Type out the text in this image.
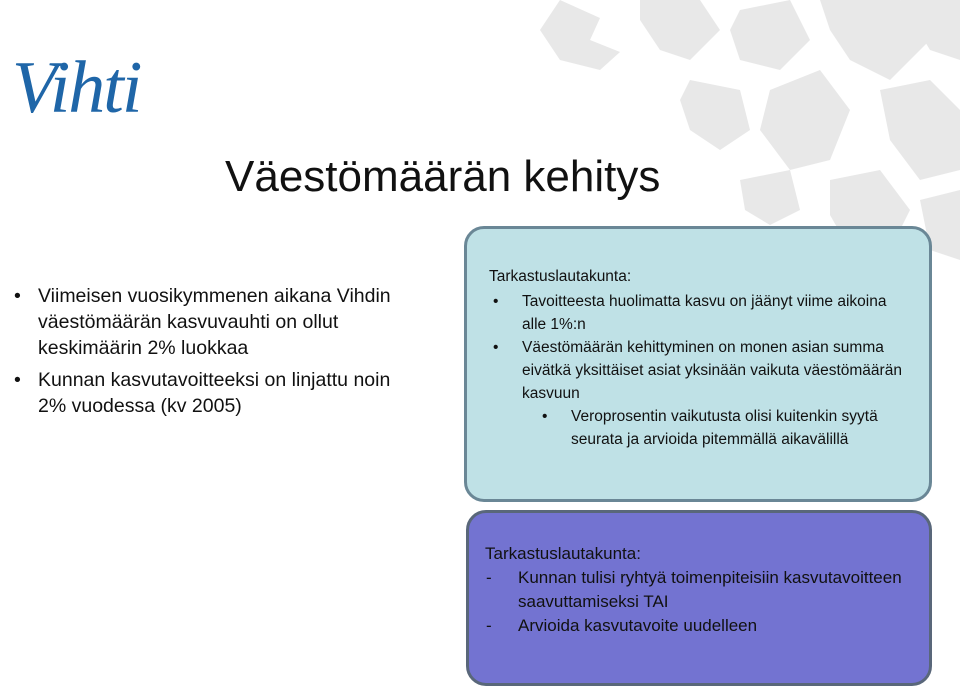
Vihti
Väestömäärän kehitys
• Viimeisen vuosikymmenen aikana Vihdin väestömäärän kasvuvauhti on ollut keskimäärin 2% luokkaa
• Kunnan kasvutavoitteeksi on linjattu noin 2% vuodessa (kv 2005)
Tarkastuslautakunta:
• Tavoitteesta huolimatta kasvu on jäänyt viime aikoina alle 1%:n
• Väestömäärän kehittyminen on monen asian summa eivätkä yksittäiset asiat yksinään vaikuta väestömäärän kasvuun
• Veroprosentin vaikutusta olisi kuitenkin syytä seurata ja arvioida pitemmällä aikavälillä
Tarkastuslautakunta:
- Kunnan tulisi ryhtyä toimenpiteisiin kasvutavoitteen saavuttamiseksi TAI
- Arvioida kasvutavoite uudelleen
